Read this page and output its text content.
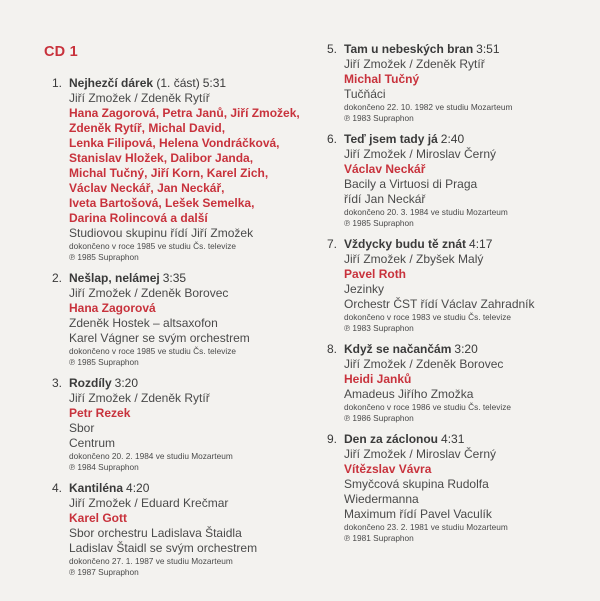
CD 1
1. Nejhezčí dárek (1. část) 5:31
Jiří Zmožek / Zdeněk Rytíř
Hana Zagorová, Petra Janů, Jiří Zmožek,
Zdeněk Rytíř, Michal David,
Lenka Filipová, Helena Vondráčková,
Stanislav Hložek, Dalibor Janda,
Michal Tučný, Jiří Korn, Karel Zich,
Václav Neckář, Jan Neckář,
Iveta Bartošová, Lešek Semelka,
Darina Rolincová a další
Studiovou skupinu řídí Jiří Zmožek
dokončeno v roce 1985 ve studiu Čs. televize
℗ 1985 Supraphon
2. Nešlap, nelámej 3:35
Jiří Zmožek / Zdeněk Borovec
Hana Zagorová
Zdeněk Hostek – altsaxofon
Karel Vágner se svým orchestrem
dokončeno v roce 1985 ve studiu Čs. televize
℗ 1985 Supraphon
3. Rozdíly 3:20
Jiří Zmožek / Zdeněk Rytíř
Petr Rezek
Sbor
Centrum
dokončeno 20. 2. 1984 ve studiu Mozarteum
℗ 1984 Supraphon
4. Kantiléna 4:20
Jiří Zmožek / Eduard Krečmar
Karel Gott
Sbor orchestru Ladislava Štaidla
Ladislav Štaidl se svým orchestrem
dokončeno 27. 1. 1987 ve studiu Mozarteum
℗ 1987 Supraphon
5. Tam u nebeských bran 3:51
Jiří Zmožek / Zdeněk Rytíř
Michal Tučný
Tučňáci
dokončeno 22. 10. 1982 ve studiu Mozarteum
℗ 1983 Supraphon
6. Teď jsem tady já 2:40
Jiří Zmožek / Miroslav Černý
Václav Neckář
Bacily a Virtuosi di Praga
řídí Jan Neckář
dokončeno 20. 3. 1984 ve studiu Mozarteum
℗ 1985 Supraphon
7. Vždycky budu tě znát 4:17
Jiří Zmožek / Zbyšek Malý
Pavel Roth
Jezinky
Orchestr ČST řídí Václav Zahradník
dokončeno v roce 1983 ve studiu Čs. televize
℗ 1983 Supraphon
8. Když se načančám 3:20
Jiří Zmožek / Zdeněk Borovec
Heidi Janků
Amadeus Jiřího Zmožka
dokončeno v roce 1986 ve studiu Čs. televize
℗ 1986 Supraphon
9. Den za záclonou 4:31
Jiří Zmožek / Miroslav Černý
Vítězslav Vávra
Smyčcová skupina Rudolfa
Wiedermanna
Maximum řídí Pavel Vaculík
dokončeno 23. 2. 1981 ve studiu Mozarteum
℗ 1981 Supraphon
